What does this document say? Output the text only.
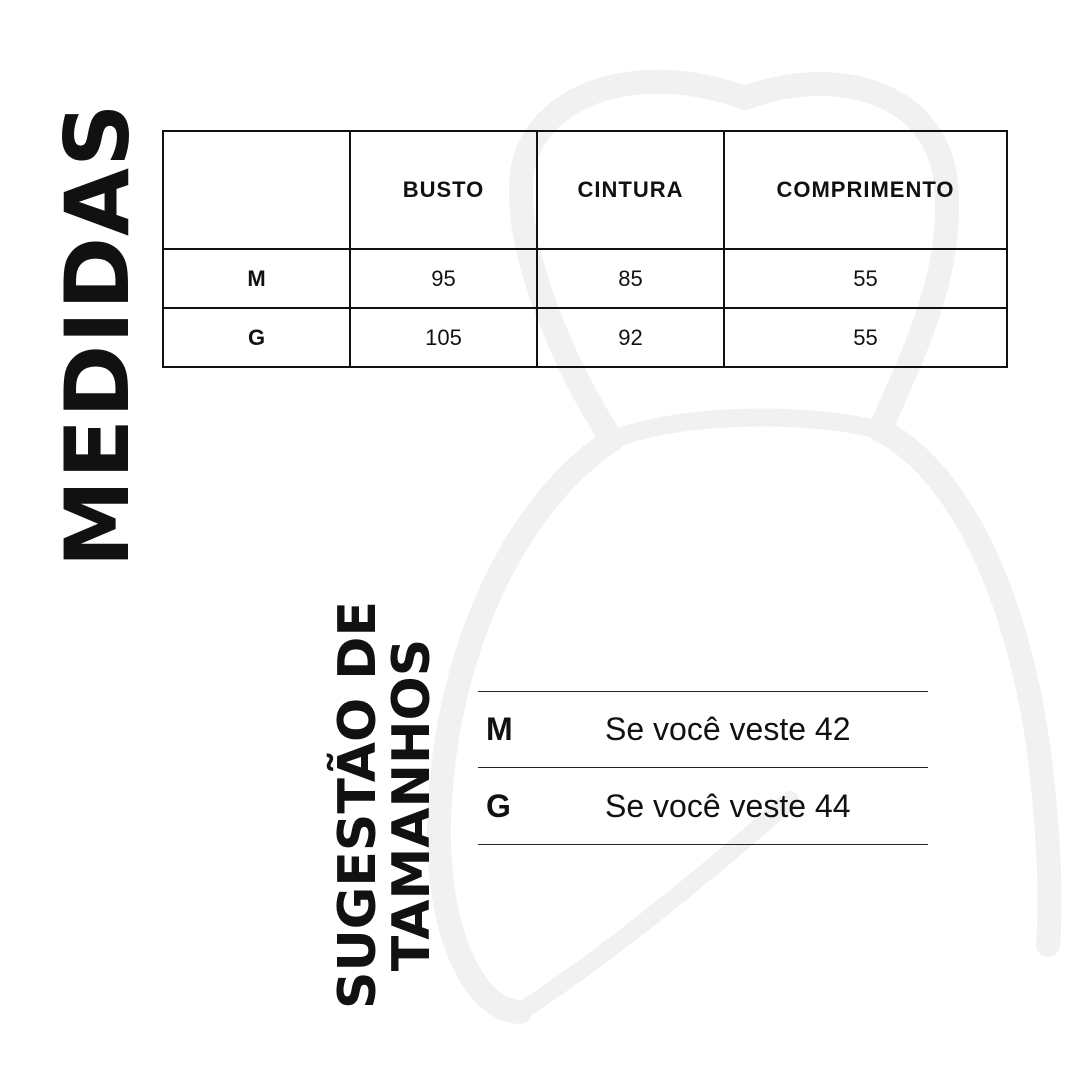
MEDIDAS
		BUSTO	CINTURA	COMPRIMENTO
M	95	85	55
G	105	92	55
SUGESTÃO DE
TAMANHOS M	Se você veste 42
G	Se você veste 44
